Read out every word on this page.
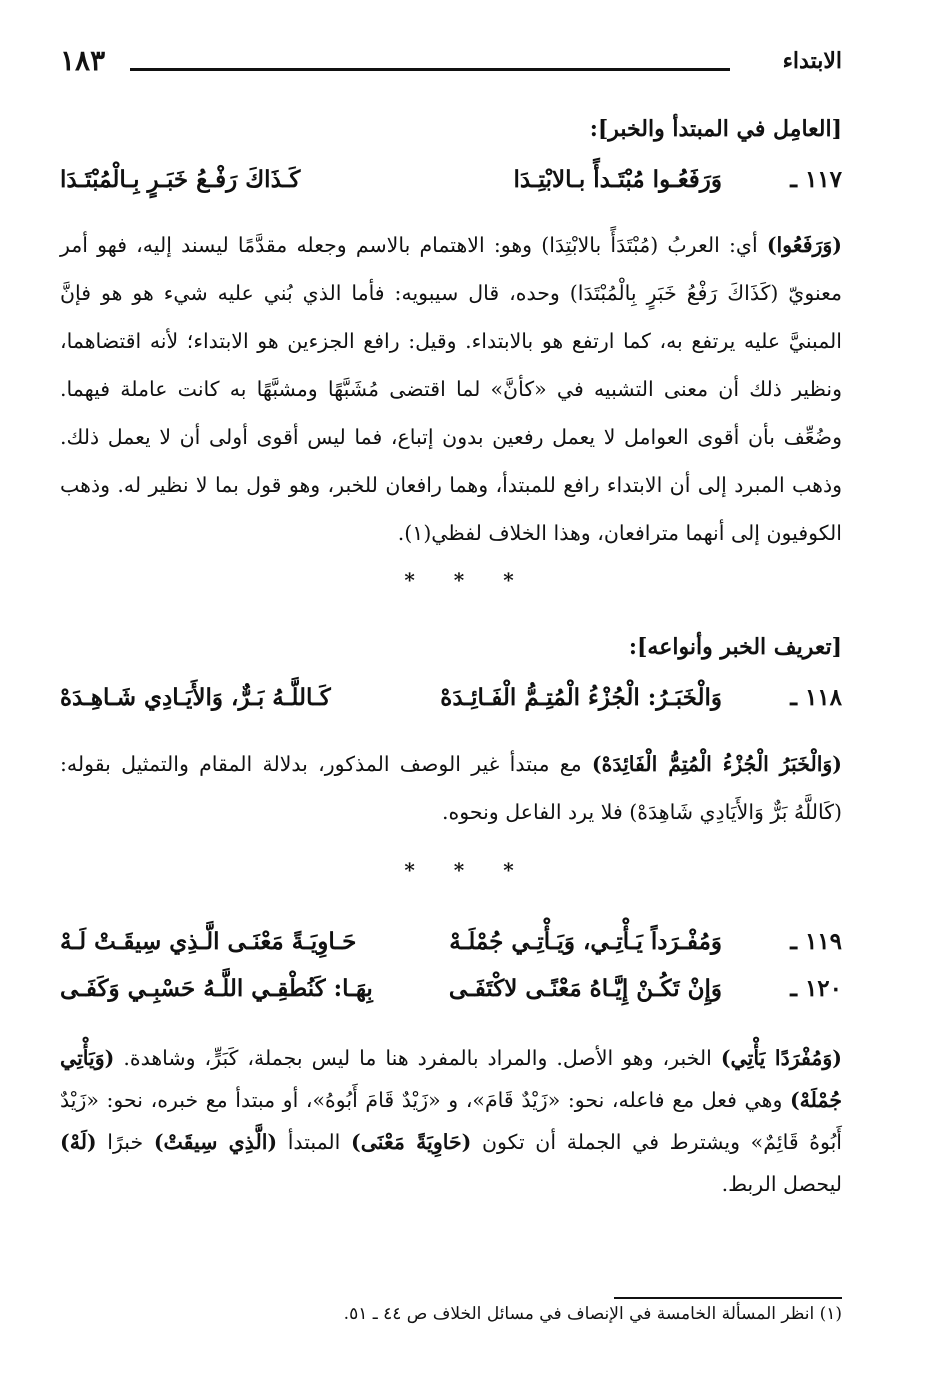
الابتداء
١٨٣
[العامِل في المبتدأ والخبر]:
١١٧ ـ
وَرَفَعُـوا مُبْتَـدأً بـالابْتِـدَا
كَـذَاكَ رَفْـعُ خَبَـرٍ بِـالْمُبْتَـدَا
(وَرَفَعُوا) أي: العربُ (مُبْتَدَأً بالابْتِدَا) وهو: الاهتمام بالاسم وجعله مقدَّمًا ليسند إليه، فهو أمر معنويّ (كَذَاكَ رَفْعُ خَبَرٍ بِالْمُبْتَدَا) وحده، قال سيبويه: فأما الذي بُني عليه شيء هو هو فإنَّ المبنيَّ عليه يرتفع به، كما ارتفع هو بالابتداء. وقيل: رافع الجزءين هو الابتداء؛ لأنه اقتضاهما، ونظير ذلك أن معنى التشبيه في «كأنَّ» لما اقتضى مُشَبَّهًا ومشبَّهًا به كانت عاملة فيهما. وضُعِّف بأن أقوى العوامل لا يعمل رفعين بدون إتباع، فما ليس أقوى أولى أن لا يعمل ذلك. وذهب المبرد إلى أن الابتداء رافع للمبتدأ، وهما رافعان للخبر، وهو قول بما لا نظير له. وذهب الكوفيون إلى أنهما مترافعان، وهذا الخلاف لفظي(١).
* * *
[تعريف الخبر وأنواعه]:
١١٨ ـ
وَالْخَبَـرُ: الْجُزْءُ الْمُتِـمُّ الْفَـائِـدَهْ
كَـاللَّـهُ بَـرٌّ، وَالأَيَـادِي شَـاهِـدَهْ
(وَالْخَبَرُ الْجُزْءُ الْمُتِمُّ الْفَائِدَهْ) مع مبتدأ غير الوصف المذكور، بدلالة المقام والتمثيل بقوله: (كَاللَّهُ بَرٌّ وَالأَيَادِي شَاهِدَهْ) فلا يرد الفاعل ونحوه.
* * *
١١٩ ـ
وَمُفْـرَداً يَـأْتِـي، وَيَـأْتِـي جُمْلَـهْ
حَـاوِيَـةً مَعْنَـى الَّـذِي سِيقَـتْ لَـهْ
١٢٠ ـ
وَإِنْ تَكُـنْ إِيَّـاهُ مَعْنًـى لاكْتَفَـى
بِهَـا: كَنُطْقِـي اللَّـهُ حَسْبِـي وَكَفَـى
(وَمُفْرَدًا يَأْتِي) الخبر، وهو الأصل. والمراد بالمفرد هنا ما ليس بجملة، كَبَرٍّ، وشاهدة. (وَيَأْتِي جُمْلَهْ) وهي فعل مع فاعله، نحو: «زَيْدٌ قَامَ»، و «زَيْدٌ قَامَ أَبُوهُ»، أو مبتدأ مع خبره، نحو: «زَيْدٌ أَبُوهُ قَائِمٌ» ويشترط في الجملة أن تكون (حَاوِيَةً مَعْنَى) المبتدأ (الَّذِي سِيقَتْ) خبرًا (لَهْ) ليحصل الربط.
(١) انظر المسألة الخامسة في الإنصاف في مسائل الخلاف ص ٤٤ ـ ٥١.
